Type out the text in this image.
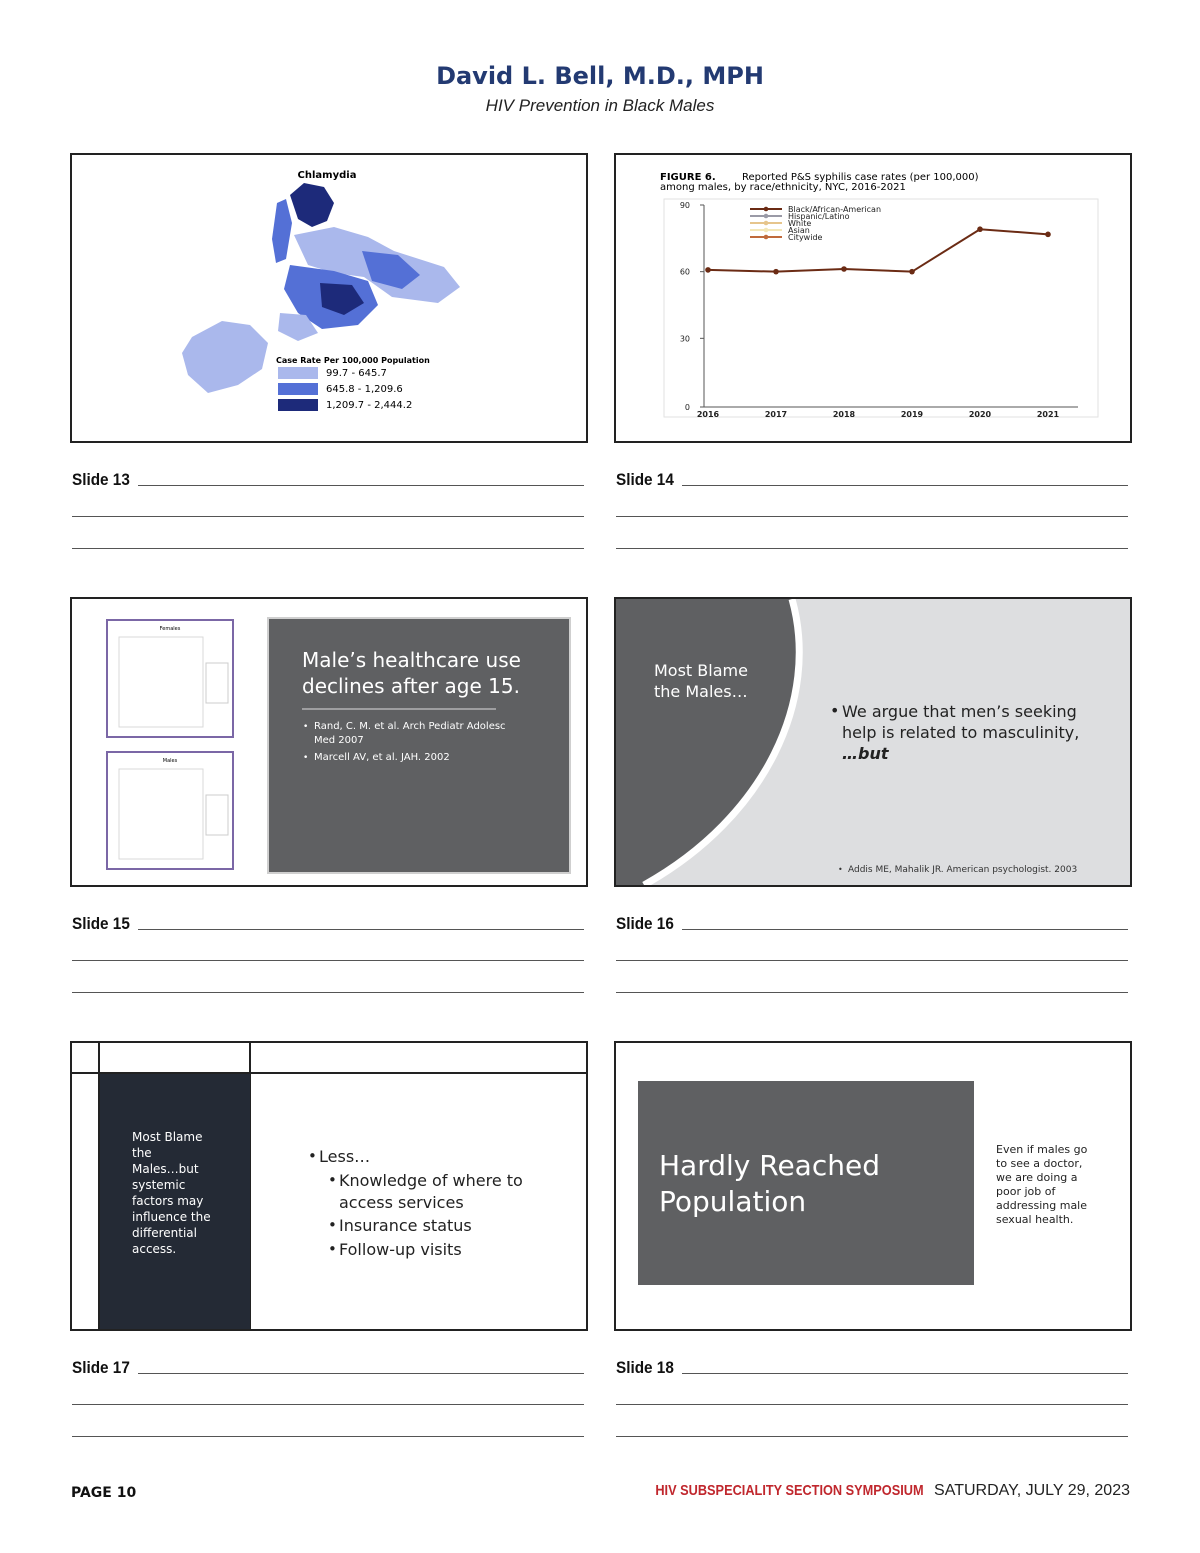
David L. Bell, M.D., MPH
HIV Prevention in Black Males
Chlamydia
Case Rate Per 100,000 Population
99.7 - 645.7
645.8 - 1,209.6
1,209.7 - 2,444.2
Slide 13
FIGURE 6.	Reported P&S syphilis case rates (per 100,000)
among males, by race/ethnicity, NYC, 2016-2021
0
30
60
90
2016	2017	2018	2019	2020	2021
Black/African-American
Hispanic/Latino
White
Asian
Citywide
Slide 14
Females
Males
Male’s healthcare use
declines after age 15.
• Rand, C. M. et al. Arch Pediatr Adolesc
Med 2007
• Marcell AV, et al. JAH. 2002
Slide 15
Most Blame
the Males…
• We argue that men’s seeking
help is related to masculinity,
…but
• Addis ME, Mahalik JR. American psychologist. 2003
Slide 16
Most Blame
the
Males…but
systemic
factors may
influence the
differential
access.
• Less…
• Knowledge of where to
access services
• Insurance status
• Follow-up visits
Slide 17
Hardly Reached
Population
Even if males go
to see a doctor,
we are doing a
poor job of
addressing male
sexual health.
Slide 18
PAGE 10	HIV SUBSPECIALITY SECTION SYMPOSIUM SATURDAY, JULY 29, 2023
